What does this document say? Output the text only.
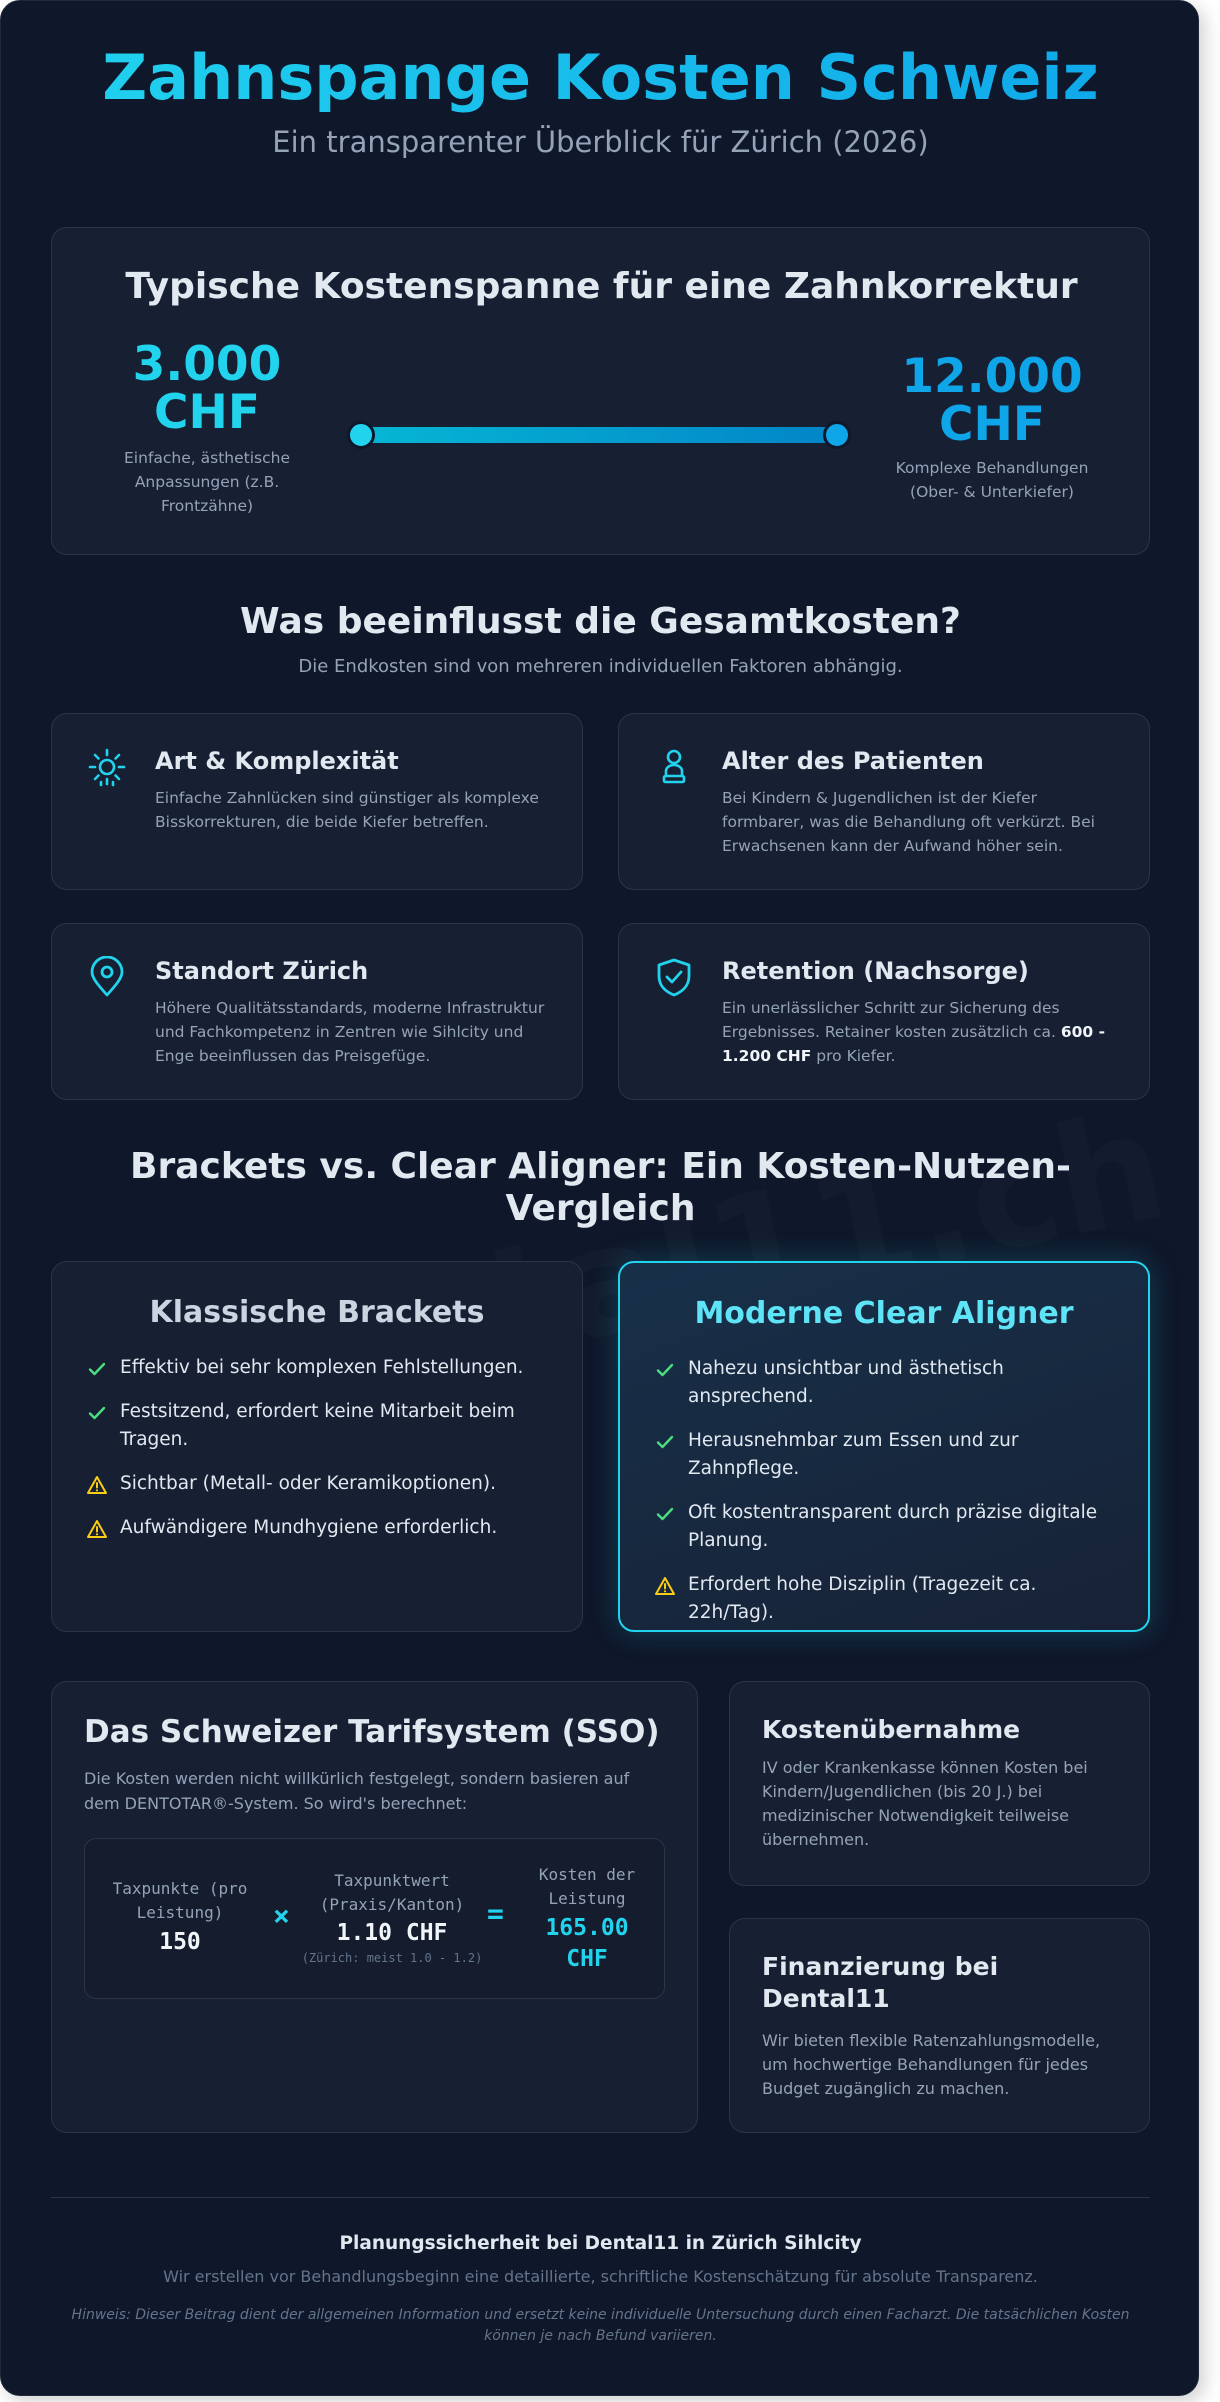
Zahnspange Kosten Schweiz
Ein transparenter Überblick für Zürich (2026)
Typische Kostenspanne für eine Zahnkorrektur
3.000
CHF
Einfache, ästhetische Anpassungen (z.B. Frontzähne)
12.000
CHF
Komplexe Behandlungen (Ober- & Unterkiefer)
Was beeinflusst die Gesamtkosten?
Die Endkosten sind von mehreren individuellen Faktoren abhängig.
Art & Komplexität
Einfache Zahnlücken sind günstiger als komplexe Bisskorrekturen, die beide Kiefer betreffen.
Alter des Patienten
Bei Kindern & Jugendlichen ist der Kiefer formbarer, was die Behandlung oft verkürzt. Bei Erwachsenen kann der Aufwand höher sein.
Standort Zürich
Höhere Qualitätsstandards, moderne Infrastruktur und Fachkompetenz in Zentren wie Sihlcity und Enge beeinflussen das Preisgefüge.
Retention (Nachsorge)
Ein unerlässlicher Schritt zur Sicherung des Ergebnisses. Retainer kosten zusätzlich ca. 600 - 1.200 CHF pro Kiefer.
Brackets vs. Clear Aligner: Ein Kosten-Nutzen-Vergleich
Klassische Brackets
Effektiv bei sehr komplexen Fehlstellungen.
Festsitzend, erfordert keine Mitarbeit beim Tragen.
Sichtbar (Metall- oder Keramikoptionen).
Aufwändigere Mundhygiene erforderlich.
Moderne Clear Aligner
Nahezu unsichtbar und ästhetisch ansprechend.
Herausnehmbar zum Essen und zur Zahnpflege.
Oft kostentransparent durch präzise digitale Planung.
Erfordert hohe Disziplin (Tragezeit ca. 22h/Tag).
Das Schweizer Tarifsystem (SSO)
Die Kosten werden nicht willkürlich festgelegt, sondern basieren auf dem DENTOTAR®-System. So wird's berechnet:
Taxpunkte (pro Leistung)
150
×
Taxpunktwert (Praxis/Kanton)
1.10 CHF
(Zürich: meist 1.0 - 1.2)
=
Kosten der Leistung
165.00 CHF
Kostenübernahme
IV oder Krankenkasse können Kosten bei Kindern/Jugendlichen (bis 20 J.) bei medizinischer Notwendigkeit teilweise übernehmen.
Finanzierung bei Dental11
Wir bieten flexible Ratenzahlungsmodelle, um hochwertige Behandlungen für jedes Budget zugänglich zu machen.
Planungssicherheit bei Dental11 in Zürich Sihlcity
Wir erstellen vor Behandlungsbeginn eine detaillierte, schriftliche Kostenschätzung für absolute Transparenz.
Hinweis: Dieser Beitrag dient der allgemeinen Information und ersetzt keine individuelle Untersuchung durch einen Facharzt. Die tatsächlichen Kosten können je nach Befund variieren.
